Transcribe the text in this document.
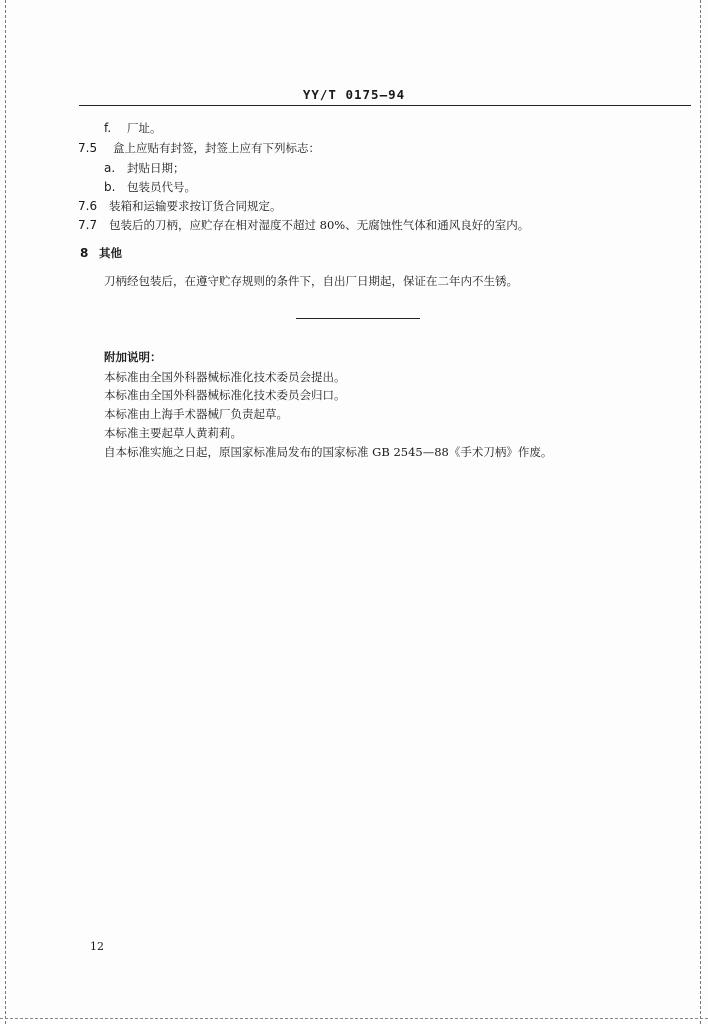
YY/T 0175—94
f. 厂址。
7.5 盒上应贴有封签，封签上应有下列标志：
a. 封贴日期；
b. 包装员代号。
7.6 装箱和运输要求按订货合同规定。
7.7 包装后的刀柄，应贮存在相对湿度不超过 80%、无腐蚀性气体和通风良好的室内。
8 其他
刀柄经包装后，在遵守贮存规则的条件下，自出厂日期起，保证在二年内不生锈。
附加说明：
本标准由全国外科器械标准化技术委员会提出。
本标准由全国外科器械标准化技术委员会归口。
本标准由上海手术器械厂负责起草。
本标准主要起草人黄莉莉。
自本标准实施之日起，原国家标准局发布的国家标准 GB 2545—88《手术刀柄》作废。
12
